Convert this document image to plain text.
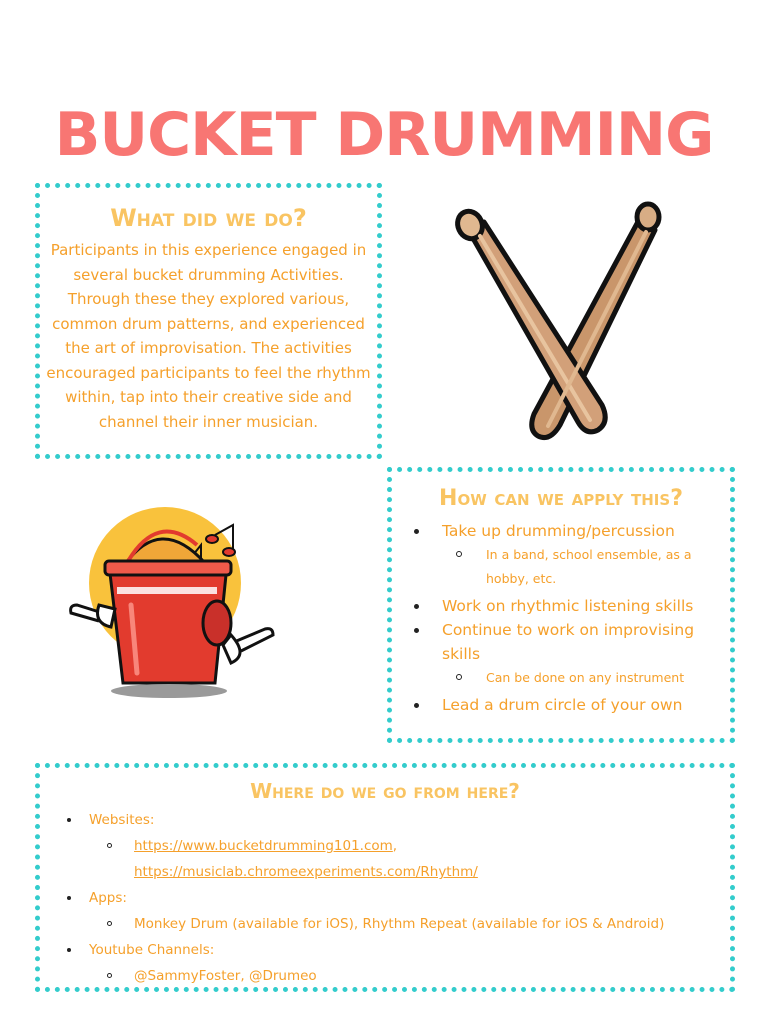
BUCKET DRUMMING
What did we do?

Participants in this experience engaged in several bucket drumming Activities. Through these they explored various, common drum patterns, and experienced the art of improvisation. The activities encouraged participants to feel the rhythm within, tap into their creative side and channel their inner musician.

How can we apply this?
Take up drumming/percussion
In a band, school ensemble, as a hobby, etc.
Work on rhythmic listening skills
Continue to work on improvising skills
Can be done on any instrument
Lead a drum circle of your own
Where do we go from here?
Websites:
https://www.bucketdrumming101.com, https://musiclab.chromeexperiments.com/Rhythm/
Apps:
Monkey Drum (available for iOS), Rhythm Repeat (available for iOS & Android)
Youtube Channels:
@SammyFoster, @Drumeo
